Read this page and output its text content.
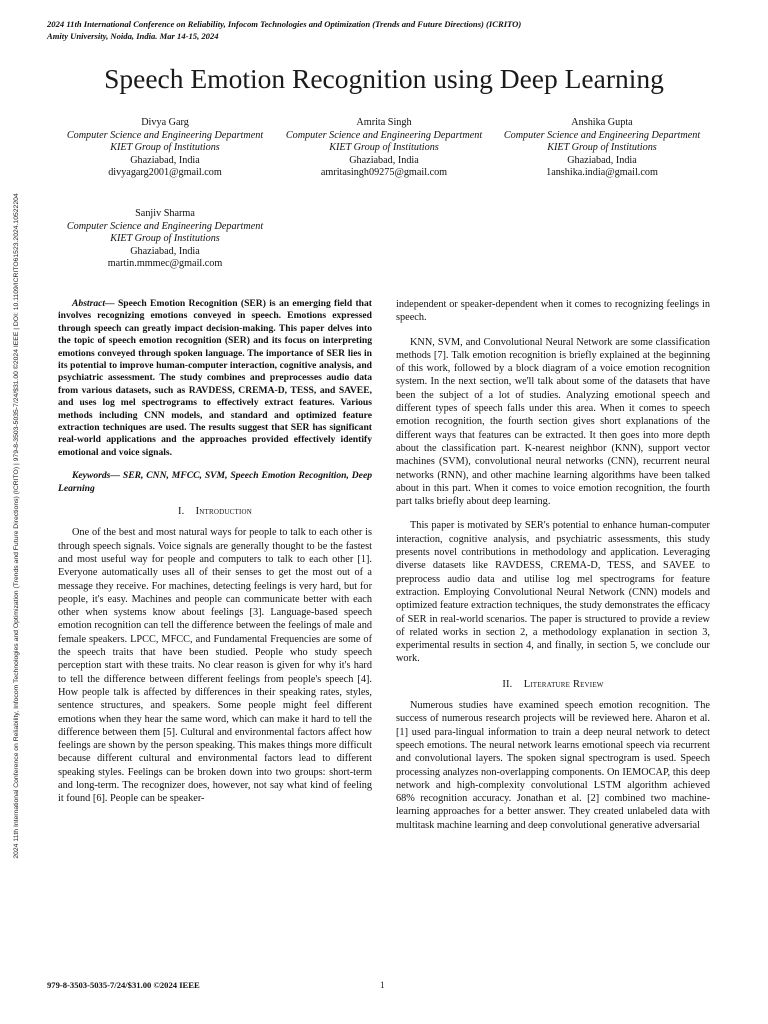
2024 11th International Conference on Reliability, Infocom Technologies and Optimization (Trends and Future Directions) (ICRITO)
Amity University, Noida, India. Mar 14-15, 2024
2024 11th International Conference on Reliability, Infocom Technologies and Optimization (Trends and Future Directions) (ICRITO) | 979-8-3503-5035-7/24/$31.00 ©2024 IEEE | DOI: 10.1109/ICRITO61523.2024.10522204
Speech Emotion Recognition using Deep Learning
Divya Garg
Computer Science and Engineering Department
KIET Group of Institutions
Ghaziabad, India
divyagarg2001@gmail.com
Amrita Singh
Computer Science and Engineering Department
KIET Group of Institutions
Ghaziabad, India
amritasingh09275@gmail.com
Anshika Gupta
Computer Science and Engineering Department
KIET Group of Institutions
Ghaziabad, India
1anshika.india@gmail.com
Sanjiv Sharma
Computer Science and Engineering Department
KIET Group of Institutions
Ghaziabad, India
martin.mmmec@gmail.com

Abstract— Speech Emotion Recognition (SER) is an emerging field that involves recognizing emotions conveyed in speech. Emotions expressed through speech can greatly impact decision-making. This paper delves into the topic of speech emotion recognition (SER) and its focus on interpreting emotions conveyed through spoken language. The importance of SER lies in its potential to improve human-computer interaction, cognitive analysis, and psychiatric assessment. The study combines and preprocesses audio data from various datasets, such as RAVDESS, CREMA-D, TESS, and SAVEE, and uses log mel spectrograms to effectively extract features. Various methods including CNN models, and standard and optimized feature extraction techniques are used. The results suggest that SER has significant real-world applications and the approaches provided effectively identify emotional and voice signals.

Keywords— SER, CNN, MFCC, SVM, Speech Emotion Recognition, Deep Learning

I. Introduction

One of the best and most natural ways for people to talk to each other is through speech signals. Voice signals are generally thought to be the fastest and most useful way for people and computers to talk to each other [1]. Everyone automatically uses all of their senses to get the most out of a message they receive. For machines, detecting feelings is very hard, but for people, it's easy. Machines and people can communicate better with each other when systems know about feelings [3]. Language-based speech emotion recognition can tell the difference between the feelings of male and female speakers. LPCC, MFCC, and Fundamental Frequencies are some of the speech traits that have been studied. People who study speech perception start with these traits. No clear reason is given for why it's hard to tell the difference between different feelings from people's speech [4]. How people talk is affected by differences in their speaking rates, styles, sentence structures, and speakers. Some people might feel different emotions when they hear the same word, which can make it hard to tell the difference between them [5]. Cultural and environmental factors affect how feelings are shown by the person speaking. This makes things more difficult because different cultural and environmental factors lead to different speaking styles. Feelings can be broken down into two groups: short-term and long-term. The recognizer does, however, not say what kind of feeling it found [6]. People can be speaker-

independent or speaker-dependent when it comes to recognizing feelings in speech.

KNN, SVM, and Convolutional Neural Network are some classification methods [7]. Talk emotion recognition is briefly explained at the beginning of this work, followed by a block diagram of a voice emotion recognition system. In the next section, we'll talk about some of the datasets that have been the subject of a lot of studies. Analyzing emotional speech and different types of speech falls under this area. When it comes to speech emotion recognition, the fourth section gives short explanations of the different ways that features can be extracted. It then goes into more depth about the classification part. K-nearest neighbor (KNN), support vector machines (SVM), convolutional neural networks (CNN), recurrent neural networks (RNN), and other machine learning algorithms have been talked about in this part. When it comes to voice emotion recognition, the fourth part talks briefly about deep learning.

This paper is motivated by SER's potential to enhance human-computer interaction, cognitive analysis, and psychiatric assessments, this study presents novel contributions in methodology and application. Leveraging diverse datasets like RAVDESS, CREMA-D, TESS, and SAVEE to preprocess audio data and utilise log mel spectrograms for feature extraction. Employing Convolutional Neural Network (CNN) models and optimized feature extraction techniques, the study demonstrates the efficacy of SER in real-world scenarios. The paper is structured to provide a review of related works in section 2, a methodology explanation in section 3, experimental results in section 4, and finally, in section 5, we conclude our work.

II. Literature Review

Numerous studies have examined speech emotion recognition. The success of numerous research projects will be reviewed here. Aharon et al. [1] used para-lingual information to train a deep neural network to detect speech emotions. The neural network learns emotional speech via recurrent and convolutional layers. The spoken signal spectrogram is used. Speech processing analyzes non-overlapping components. On IEMOCAP, this deep network and high-complexity convolutional LSTM algorithm achieved 68% recognition accuracy. Jonathan et al. [2] combined two machine-learning approaches for a better answer. They created unlabeled data with multitask machine learning and deep convolutional generative adversarial

979-8-3503-5035-7/24/$31.00 ©2024 IEEE	1
